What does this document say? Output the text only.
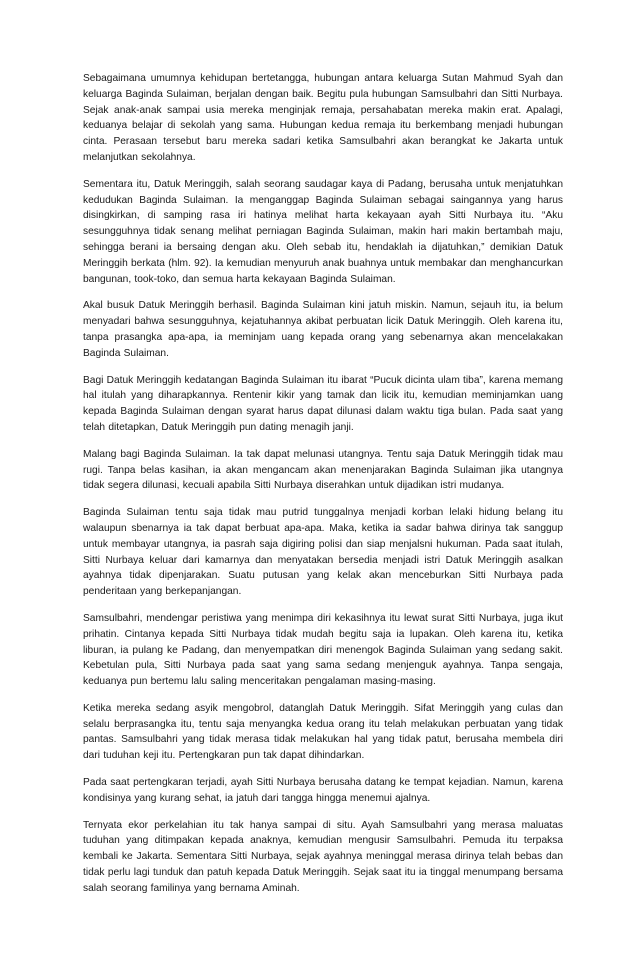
Sebagaimana umumnya kehidupan bertetangga, hubungan antara keluarga Sutan Mahmud Syah dan keluarga Baginda Sulaiman, berjalan dengan baik. Begitu pula hubungan Samsulbahri dan Sitti Nurbaya. Sejak anak-anak sampai usia mereka menginjak remaja, persahabatan mereka makin erat. Apalagi, keduanya belajar di sekolah yang sama. Hubungan kedua remaja itu berkembang menjadi hubungan cinta. Perasaan tersebut baru mereka sadari ketika Samsulbahri akan berangkat ke Jakarta untuk melanjutkan sekolahnya.

Sementara itu, Datuk Meringgih, salah seorang saudagar kaya di Padang, berusaha untuk menjatuhkan kedudukan Baginda Sulaiman. Ia menganggap Baginda Sulaiman sebagai saingannya yang harus disingkirkan, di samping rasa iri hatinya melihat harta kekayaan ayah Sitti Nurbaya itu. “Aku sesungguhnya tidak senang melihat perniagan Baginda Sulaiman, makin hari makin bertambah maju, sehingga berani ia bersaing dengan aku. Oleh sebab itu, hendaklah ia dijatuhkan,” demikian Datuk Meringgih berkata (hlm. 92). Ia kemudian menyuruh anak buahnya untuk membakar dan menghancurkan bangunan, took-toko, dan semua harta kekayaan Baginda Sulaiman.

Akal busuk Datuk Meringgih berhasil. Baginda Sulaiman kini jatuh miskin. Namun, sejauh itu, ia belum menyadari bahwa sesungguhnya, kejatuhannya akibat perbuatan licik Datuk Meringgih. Oleh karena itu, tanpa prasangka apa-apa, ia meminjam uang kepada orang yang sebenarnya akan mencelakakan Baginda Sulaiman.

Bagi Datuk Meringgih kedatangan Baginda Sulaiman itu ibarat “Pucuk dicinta ulam tiba”, karena memang hal itulah yang diharapkannya. Rentenir kikir yang tamak dan licik itu, kemudian meminjamkan uang kepada Baginda Sulaiman dengan syarat harus dapat dilunasi dalam waktu tiga bulan. Pada saat yang telah ditetapkan, Datuk Meringgih pun dating menagih janji.

Malang bagi Baginda Sulaiman. Ia tak dapat melunasi utangnya. Tentu saja Datuk Meringgih tidak mau rugi. Tanpa belas kasihan, ia akan mengancam akan menenjarakan Baginda Sulaiman jika utangnya tidak segera dilunasi, kecuali apabila Sitti Nurbaya diserahkan untuk dijadikan istri mudanya.

Baginda Sulaiman tentu saja tidak mau putrid tunggalnya menjadi korban lelaki hidung belang itu walaupun sbenarnya ia tak dapat berbuat apa-apa. Maka, ketika ia sadar bahwa dirinya tak sanggup untuk membayar utangnya, ia pasrah saja digiring polisi dan siap menjalsni hukuman. Pada saat itulah, Sitti Nurbaya keluar dari kamarnya dan menyatakan bersedia menjadi istri Datuk Meringgih asalkan ayahnya tidak dipenjarakan. Suatu putusan yang kelak akan menceburkan Sitti Nurbaya pada penderitaan yang berkepanjangan.

Samsulbahri, mendengar peristiwa yang menimpa diri kekasihnya itu lewat surat Sitti Nurbaya, juga ikut prihatin. Cintanya kepada Sitti Nurbaya tidak mudah begitu saja ia lupakan. Oleh karena itu, ketika liburan, ia pulang ke Padang, dan menyempatkan diri menengok Baginda Sulaiman yang sedang sakit. Kebetulan pula, Sitti Nurbaya pada saat yang sama sedang menjenguk ayahnya. Tanpa sengaja, keduanya pun bertemu lalu saling menceritakan pengalaman masing-masing.

Ketika mereka sedang asyik mengobrol, datanglah Datuk Meringgih. Sifat Meringgih yang culas dan selalu berprasangka itu, tentu saja menyangka kedua orang itu telah melakukan perbuatan yang tidak pantas. Samsulbahri yang tidak merasa tidak melakukan hal yang tidak patut, berusaha membela diri dari tuduhan keji itu. Pertengkaran pun tak dapat dihindarkan.

Pada saat pertengkaran terjadi, ayah Sitti Nurbaya berusaha datang ke tempat kejadian. Namun, karena kondisinya yang kurang sehat, ia jatuh dari tangga hingga menemui ajalnya.

Ternyata ekor perkelahian itu tak hanya sampai di situ. Ayah Samsulbahri yang merasa maluatas tuduhan yang ditimpakan kepada anaknya, kemudian mengusir Samsulbahri. Pemuda itu terpaksa kembali ke Jakarta. Sementara Sitti Nurbaya, sejak ayahnya meninggal merasa dirinya telah bebas dan tidak perlu lagi tunduk dan patuh kepada Datuk Meringgih. Sejak saat itu ia tinggal menumpang bersama salah seorang familinya yang bernama Aminah.
